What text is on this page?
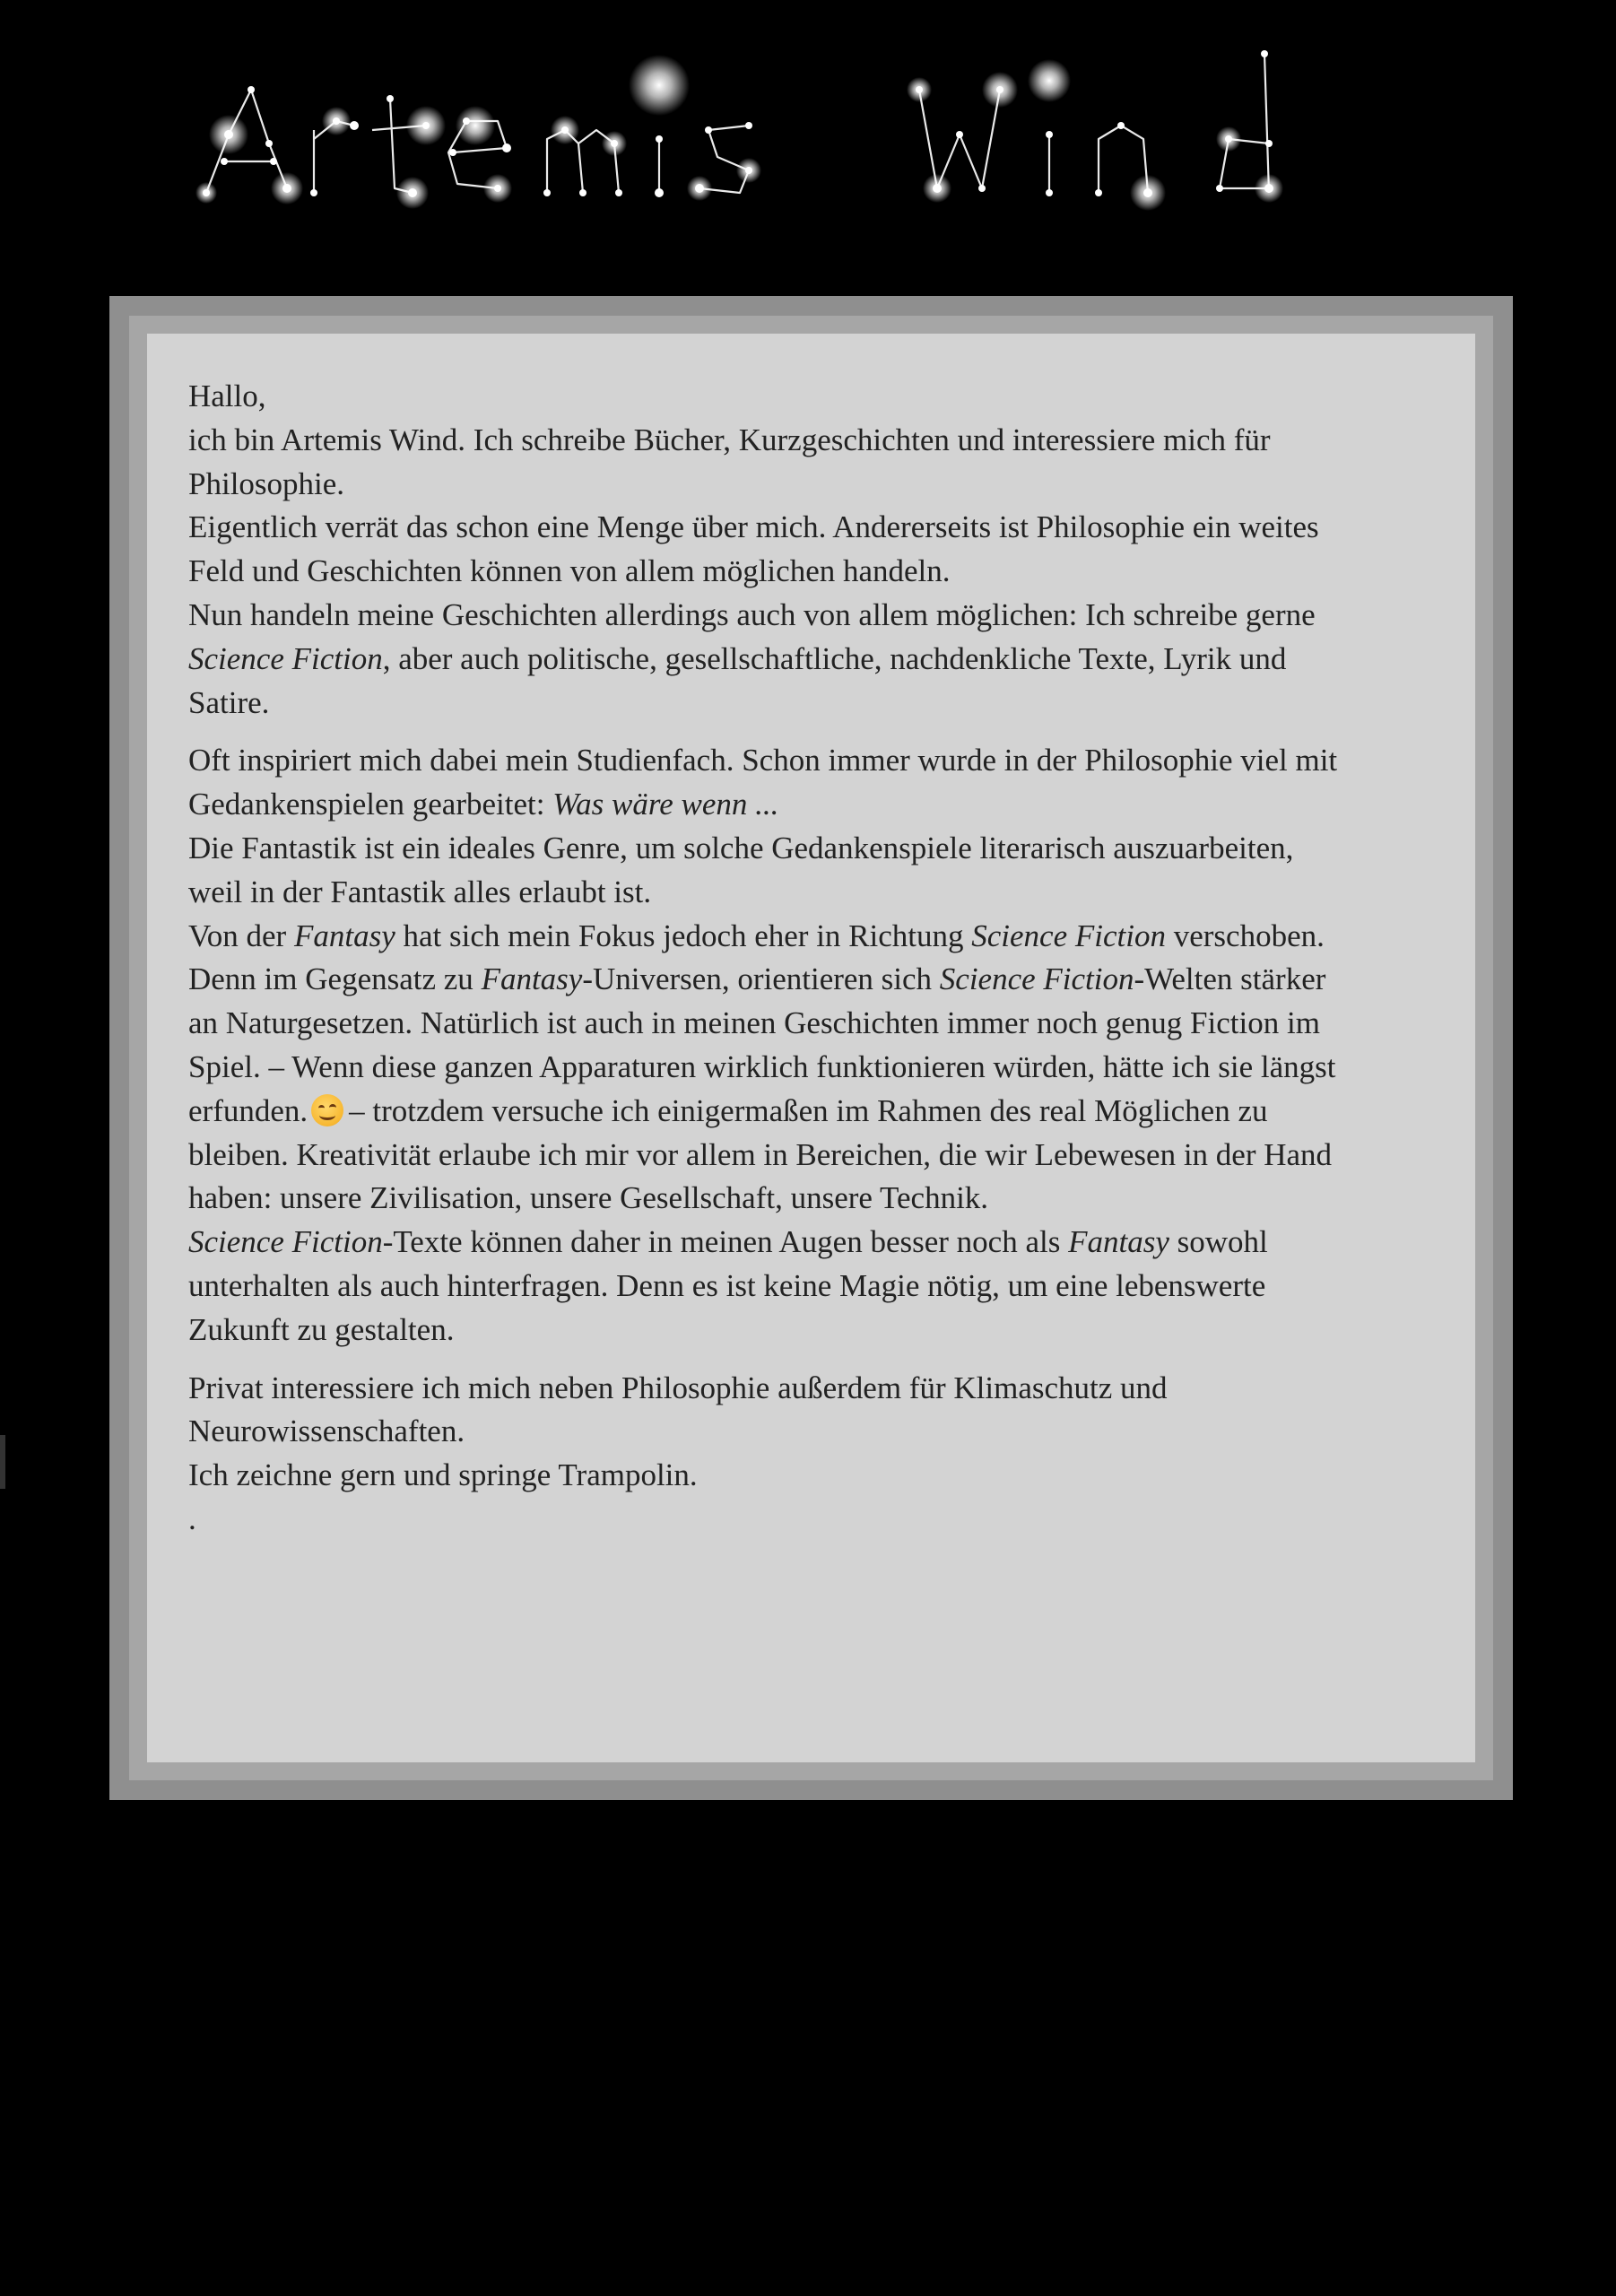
Hallo,
ich bin Artemis Wind. Ich schreibe Bücher, Kurzgeschichten und interessiere mich für
Philosophie.
Eigentlich verrät das schon eine Menge über mich. Andererseits ist Philosophie ein weites
Feld und Geschichten können von allem möglichen handeln.
Nun handeln meine Geschichten allerdings auch von allem möglichen: Ich schreibe gerne
Science Fiction, aber auch politische, gesellschaftliche, nachdenkliche Texte, Lyrik und
Satire.
Oft inspiriert mich dabei mein Studienfach. Schon immer wurde in der Philosophie viel mit
Gedankenspielen gearbeitet: Was wäre wenn ...
Die Fantastik ist ein ideales Genre, um solche Gedankenspiele literarisch auszuarbeiten,
weil in der Fantastik alles erlaubt ist.
Von der Fantasy hat sich mein Fokus jedoch eher in Richtung Science Fiction verschoben.
Denn im Gegensatz zu Fantasy-Universen, orientieren sich Science Fiction-Welten stärker
an Naturgesetzen. Natürlich ist auch in meinen Geschichten immer noch genug Fiction im
Spiel. – Wenn diese ganzen Apparaturen wirklich funktionieren würden, hätte ich sie längst
erfunden. – trotzdem versuche ich einigermaßen im Rahmen des real Möglichen zu
bleiben. Kreativität erlaube ich mir vor allem in Bereichen, die wir Lebewesen in der Hand
haben: unsere Zivilisation, unsere Gesellschaft, unsere Technik.
Science Fiction-Texte können daher in meinen Augen besser noch als Fantasy sowohl
unterhalten als auch hinterfragen. Denn es ist keine Magie nötig, um eine lebenswerte
Zukunft zu gestalten.
Privat interessiere ich mich neben Philosophie außerdem für Klimaschutz und
Neurowissenschaften.
Ich zeichne gern und springe Trampolin.
.
